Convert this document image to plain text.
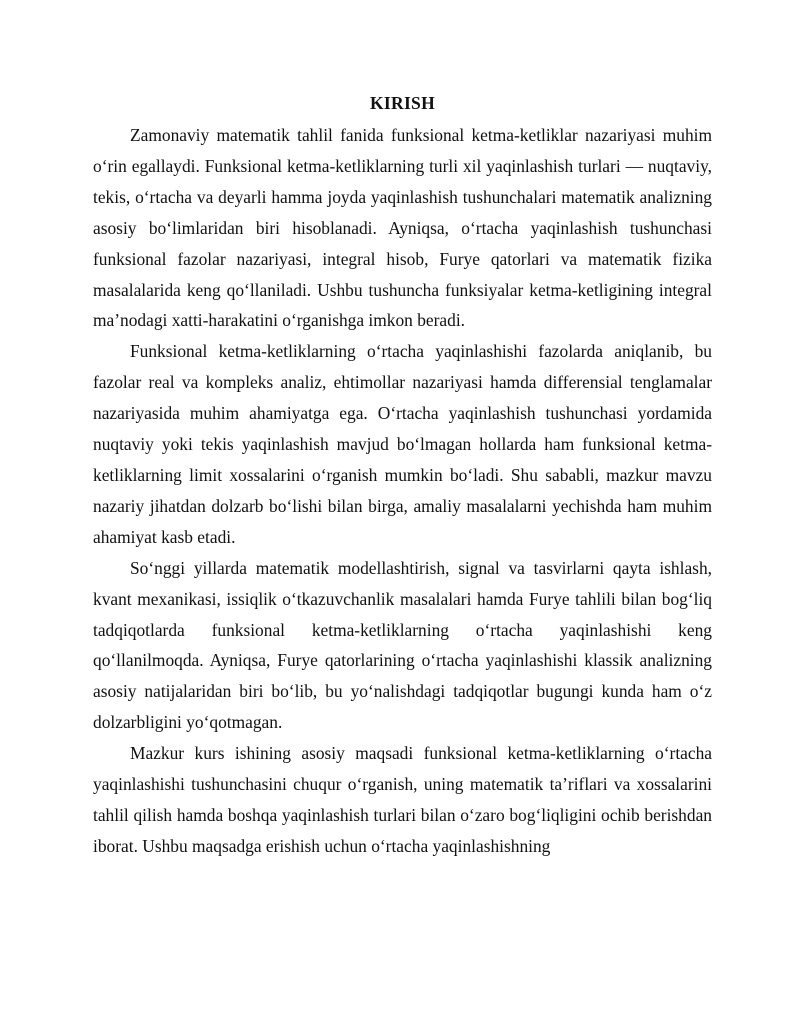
KIRISH

Zamonaviy matematik tahlil fanida funksional ketma-ketliklar nazariyasi muhim o‘rin egallaydi. Funksional ketma-ketliklarning turli xil yaqinlashish turlari — nuqtaviy, tekis, o‘rtacha va deyarli hamma joyda yaqinlashish tushunchalari matematik analizning asosiy bo‘limlaridan biri hisoblanadi. Ayniqsa, o‘rtacha yaqinlashish tushunchasi funksional fazolar nazariyasi, integral hisob, Furye qatorlari va matematik fizika masalalarida keng qo‘llaniladi. Ushbu tushuncha funksiyalar ketma-ketligining integral ma’nodagi xatti-harakatini o‘rganishga imkon beradi.

Funksional ketma-ketliklarning o‘rtacha yaqinlashishi fazolarda aniqlanib, bu fazolar real va kompleks analiz, ehtimollar nazariyasi hamda differensial tenglamalar nazariyasida muhim ahamiyatga ega. O‘rtacha yaqinlashish tushunchasi yordamida nuqtaviy yoki tekis yaqinlashish mavjud bo‘lmagan hollarda ham funksional ketma-ketliklarning limit xossalarini o‘rganish mumkin bo‘ladi. Shu sababli, mazkur mavzu nazariy jihatdan dolzarb bo‘lishi bilan birga, amaliy masalalarni yechishda ham muhim ahamiyat kasb etadi.

So‘nggi yillarda matematik modellashtirish, signal va tasvirlarni qayta ishlash, kvant mexanikasi, issiqlik o‘tkazuvchanlik masalalari hamda Furye tahlili bilan bog‘liq tadqiqotlarda funksional ketma-ketliklarning o‘rtacha yaqinlashishi keng qo‘llanilmoqda. Ayniqsa, Furye qatorlarining o‘rtacha yaqinlashishi klassik analizning asosiy natijalaridan biri bo‘lib, bu yo‘nalishdagi tadqiqotlar bugungi kunda ham o‘z dolzarbligini yo‘qotmagan.

Mazkur kurs ishining asosiy maqsadi funksional ketma-ketliklarning o‘rtacha yaqinlashishi tushunchasini chuqur o‘rganish, uning matematik ta’riflari va xossalarini tahlil qilish hamda boshqa yaqinlashish turlari bilan o‘zaro bog‘liqligini ochib berishdan iborat. Ushbu maqsadga erishish uchun o‘rtacha yaqinlashishning
